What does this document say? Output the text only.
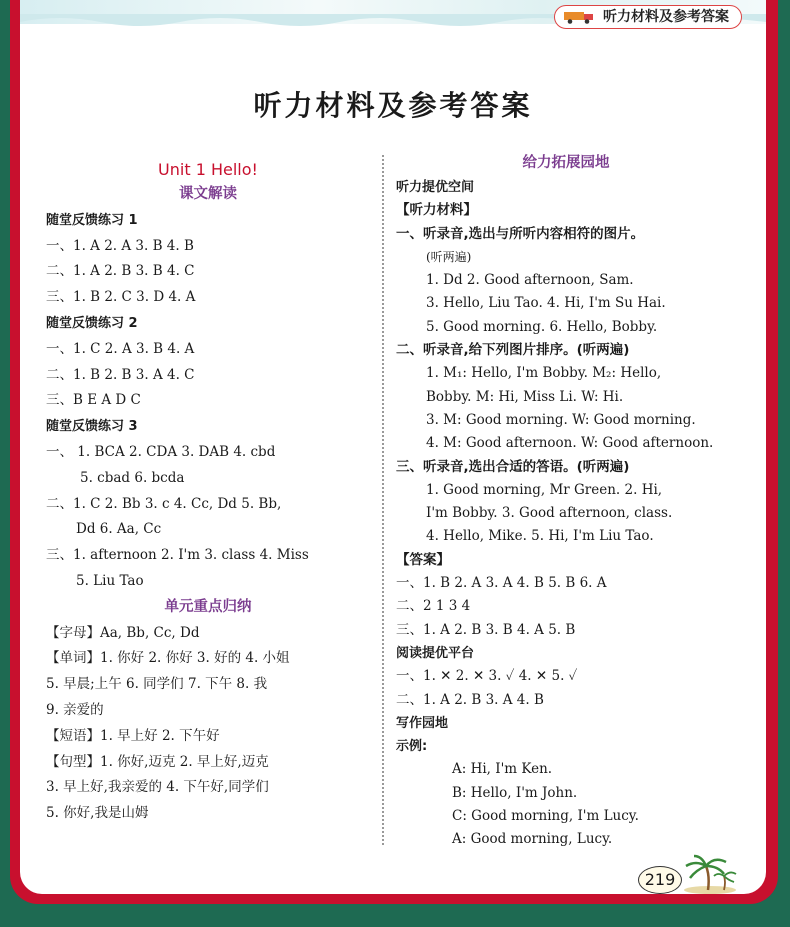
听力材料及参考答案
听力材料及参考答案
Unit 1 Hello!
课文解读
随堂反馈练习 1
一、1. A 2. A 3. B 4. B
二、1. A 2. B 3. B 4. C
三、1. B 2. C 3. D 4. A
随堂反馈练习 2
一、1. C 2. A 3. B 4. A
二、1. B 2. B 3. A 4. C
三、B E A D C
随堂反馈练习 3
一、 1. BCA 2. CDA 3. DAB 4. cbd
5. cbad 6. bcda
二、1. C 2. Bb 3. c 4. Cc, Dd 5. Bb,
Dd 6. Aa, Cc
三、1. afternoon 2. I'm 3. class 4. Miss
5. Liu Tao
单元重点归纳
【字母】Aa, Bb, Cc, Dd
【单词】1. 你好 2. 你好 3. 好的 4. 小姐
5. 早晨;上午 6. 同学们 7. 下午 8. 我
9. 亲爱的
【短语】1. 早上好 2. 下午好
【句型】1. 你好,迈克 2. 早上好,迈克
3. 早上好,我亲爱的 4. 下午好,同学们
5. 你好,我是山姆
给力拓展园地
听力提优空间
【听力材料】
一、听录音,选出与所听内容相符的图片。
(听两遍)
1. Dd 2. Good afternoon, Sam.
3. Hello, Liu Tao. 4. Hi, I'm Su Hai.
5. Good morning. 6. Hello, Bobby.
二、听录音,给下列图片排序。(听两遍)
1. M₁: Hello, I'm Bobby. M₂: Hello,
Bobby. M: Hi, Miss Li. W: Hi.
3. M: Good morning. W: Good morning.
4. M: Good afternoon. W: Good afternoon.
三、听录音,选出合适的答语。(听两遍)
1. Good morning, Mr Green. 2. Hi,
I'm Bobby. 3. Good afternoon, class.
4. Hello, Mike. 5. Hi, I'm Liu Tao.
【答案】
一、1. B 2. A 3. A 4. B 5. B 6. A
二、2 1 3 4
三、1. A 2. B 3. B 4. A 5. B
阅读提优平台
一、1. ✕ 2. ✕ 3. ✓ 4. ✕ 5. ✓
二、1. A 2. B 3. A 4. B
写作园地
示例:
A: Hi, I'm Ken.
B: Hello, I'm John.
C: Good morning, I'm Lucy.
A: Good morning, Lucy.
219
